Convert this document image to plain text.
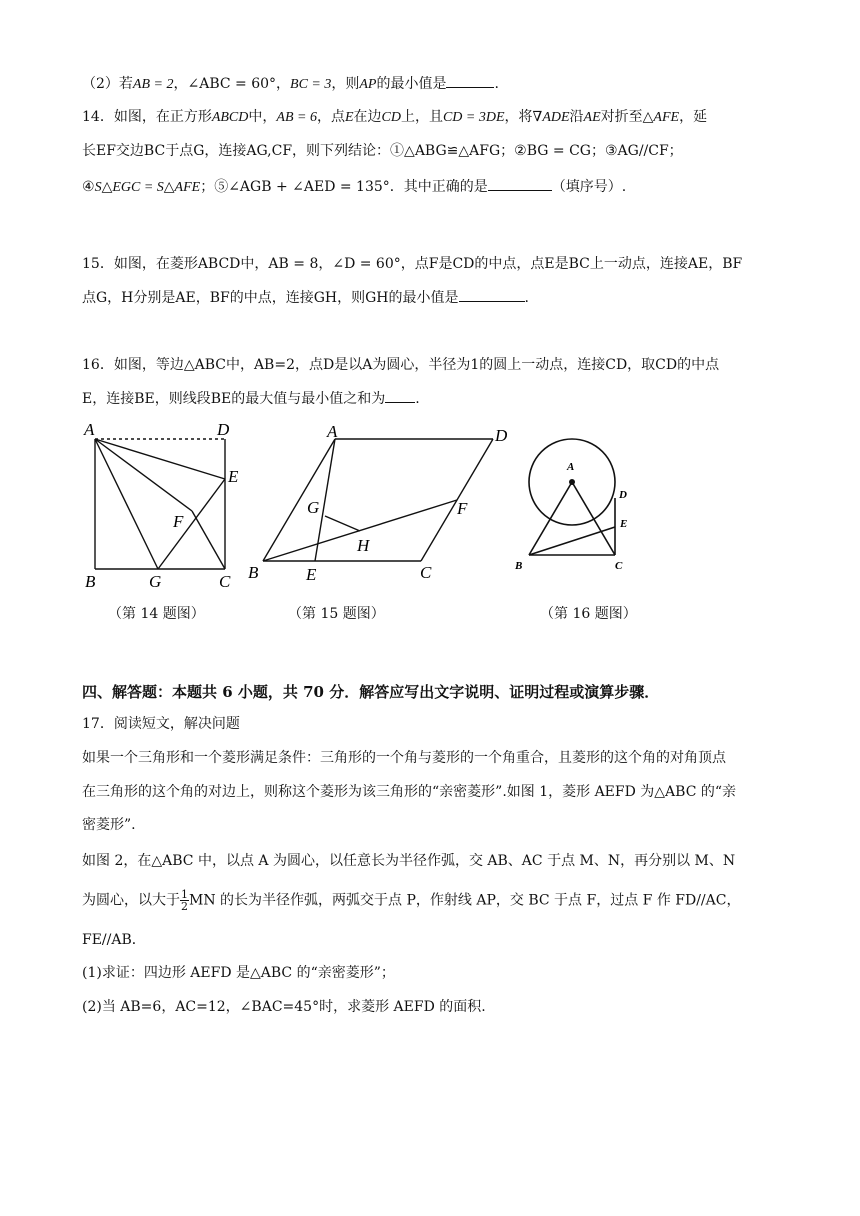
（2）若AB = 2，∠ABC = 60°，BC = 3，则AP的最小值是	.
14．如图，在正方形ABCD中，AB = 6，点E在边CD上，且CD = 3DE，将∇ADE沿AE对折至△AFE，延
长EF交边BC于点G，连接AG,CF，则下列结论：①△ABG≌△AFG；②BG = CG；③AG//CF；
④S△EGC = S△AFE；⑤∠AGB + ∠AED = 135°．其中正确的是	（填序号）.
15．如图，在菱形ABCD中，AB = 8，∠D = 60°，点F是CD的中点，点E是BC上一动点，连接AE，BF
点G，H分别是AE，BF的中点，连接GH，则GH的最小值是	.
16．如图，等边△ABC中，AB=2，点D是以A为圆心，半径为1的圆上一动点，连接CD，取CD的中点
E，连接BE，则线段BE的最大值与最小值之和为 .
A	D
E
F
B	G	C
A	D
G	F
H
B	E	C
A
D
E
B	C
（第 14 题图）	（第 15 题图）	（第 16 题图）
四、解答题：本题共 6 小题，共 70 分．解答应写出文字说明、证明过程或演算步骤．
17．阅读短文，解决问题
如果一个三角形和一个菱形满足条件：三角形的一个角与菱形的一个角重合，且菱形的这个角的对角顶点
在三角形的这个角的对边上，则称这个菱形为该三角形的“亲密菱形”.如图 1，菱形 AEFD 为△ABC 的“亲
密菱形”.
如图 2，在△ABC 中，以点 A 为圆心，以任意长为半径作弧，交 AB、AC 于点 M、N，再分别以 M、N
为圆心，以大于 $\frac{1}{2}$ MN 的长为半径作弧，两弧交于点 P，作射线 AP，交 BC 于点 F，过点 F 作 FD//AC，
FE//AB．
(1)求证：四边形 AEFD 是△ABC 的“亲密菱形”；
(2)当 AB=6，AC=12，∠BAC=45°时，求菱形 AEFD 的面积.
